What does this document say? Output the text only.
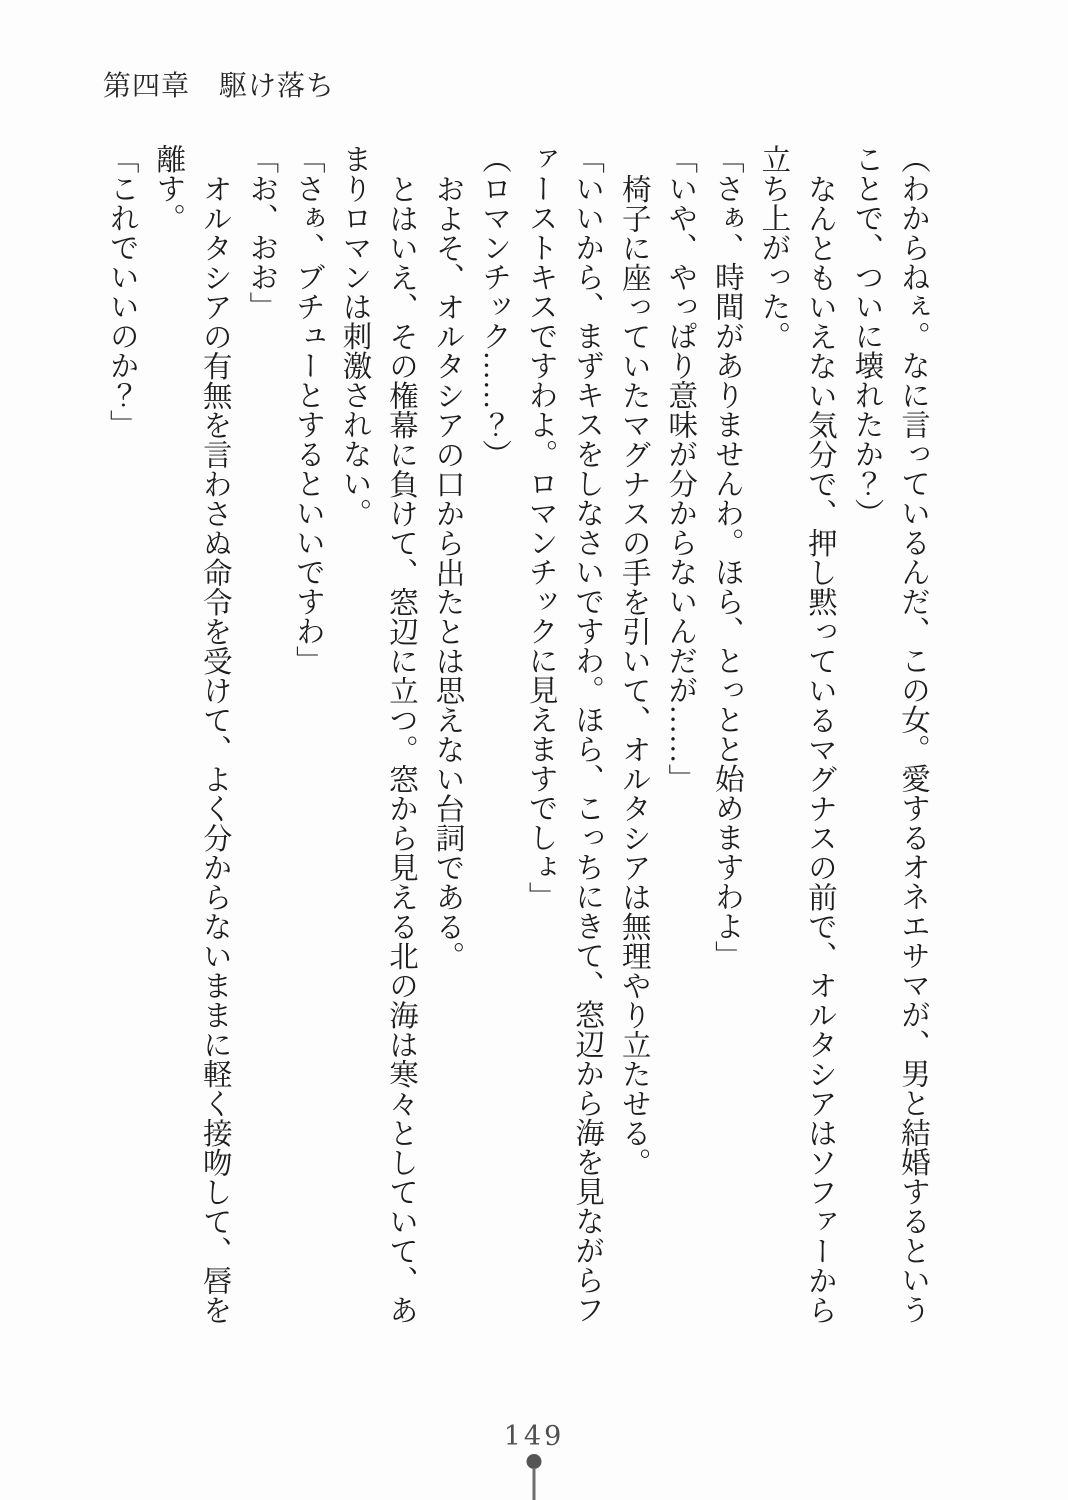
第四章　駆け落ち

（わからねぇ。なに言っているんだ、この女。愛するオネエサマが、男と結婚するということで、ついに壊れたか？）

なんともいえない気分で、押し黙っているマグナスの前で、オルタシアはソファーから立ち上がった。

「さぁ、時間がありませんわ。ほら、とっとと始めますわよ」

「いや、やっぱり意味が分からないんだが……」

椅子に座っていたマグナスの手を引いて、オルタシアは無理やり立たせる。

「いいから、まずキスをしなさいですわ。ほら、こっちにきて、窓辺から海を見ながらファーストキスですわよ。ロマンチックに見えますでしょ」

（ロマンチック……？）

およそ、オルタシアの口から出たとは思えない台詞である。

とはいえ、その権幕に負けて、窓辺に立つ。窓から見える北の海は寒々としていて、あまりロマンは刺激されない。

「さぁ、ブチューとするといいですわ」

「お、おお」

オルタシアの有無を言わさぬ命令を受けて、よく分からないままに軽く接吻して、唇を離す。

「これでいいのか？」

149
